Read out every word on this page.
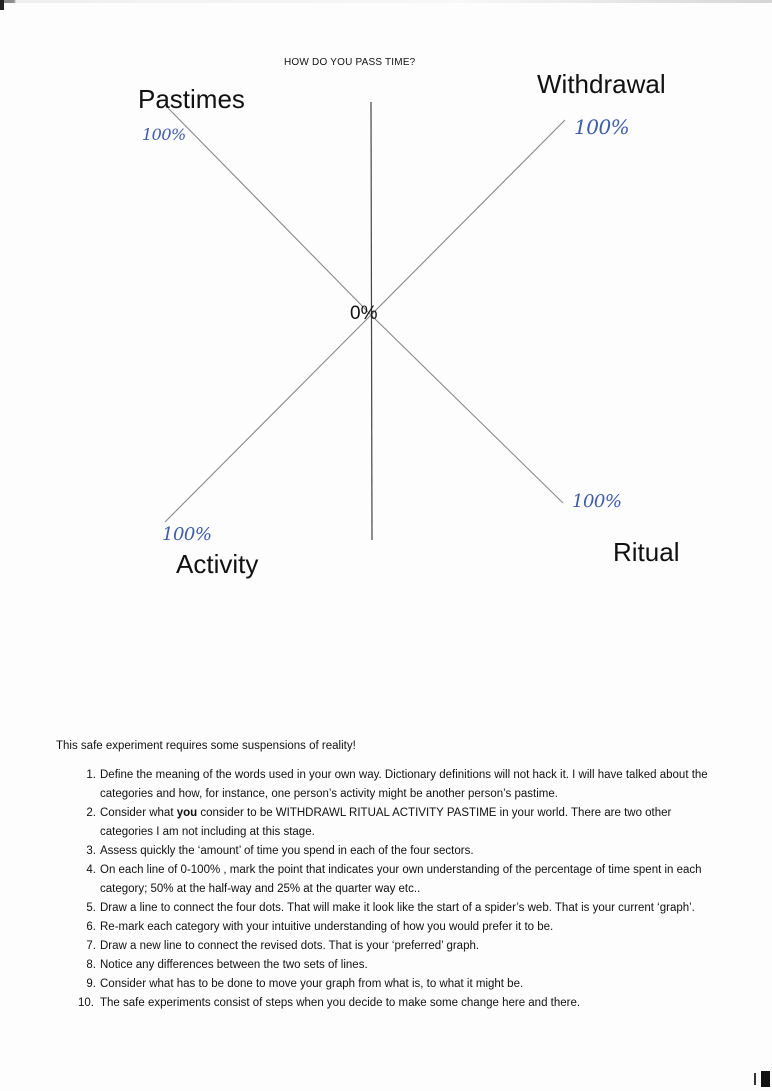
HOW DO YOU PASS TIME?
0%
Pastimes	Withdrawal
Activity	Ritual
100%	100%
100%
100%
This safe experiment requires some suspensions of reality!
1. Define the meaning of the words used in your own way. Dictionary definitions will not hack it. I will have talked about the categories and how, for instance, one person’s activity might be another person’s pastime.
2. Consider what you consider to be WITHDRAWL RITUAL ACTIVITY PASTIME in your world. There are two other categories I am not including at this stage.
3. Assess quickly the ‘amount’ of time you spend in each of the four sectors.
4. On each line of 0-100% , mark the point that indicates your own understanding of the percentage of time spent in each category; 50% at the half-way and 25% at the quarter way etc..
5. Draw a line to connect the four dots. That will make it look like the start of a spider’s web. That is your current ‘graph’.
6. Re-mark each category with your intuitive understanding of how you would prefer it to be.
7. Draw a new line to connect the revised dots. That is your ‘preferred’ graph.
8. Notice any differences between the two sets of lines.
9. Consider what has to be done to move your graph from what is, to what it might be.
10. The safe experiments consist of steps when you decide to make some change here and there.
